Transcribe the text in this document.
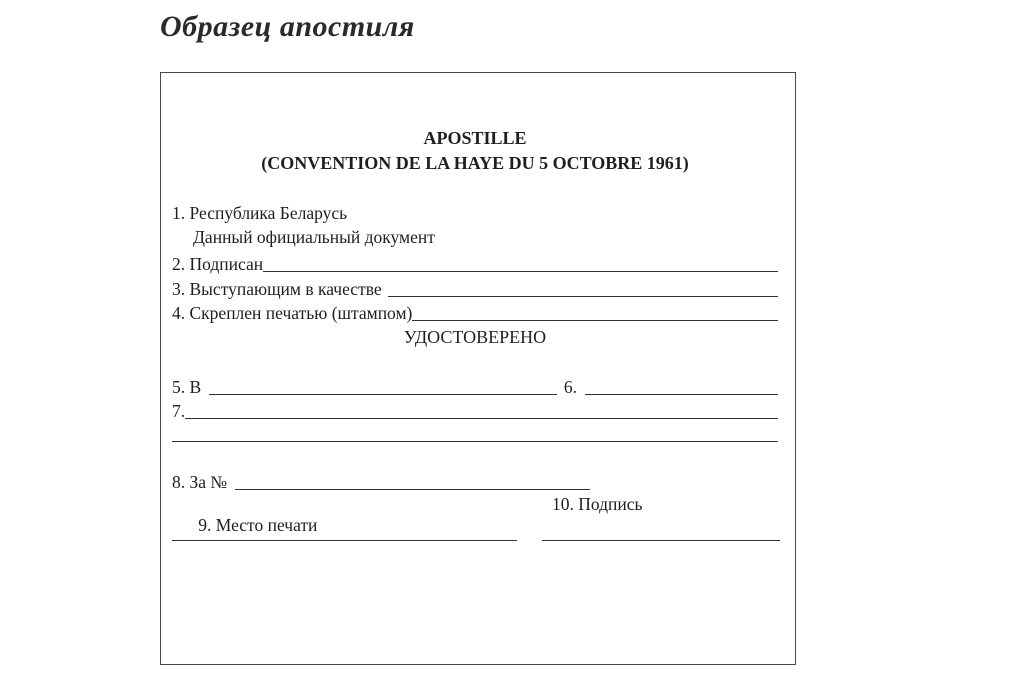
Образец апостиля
APOSTILLE
(CONVENTION DE LA HAYE DU 5 OCTOBRE 1961)
1. Республика Беларусь
Данный официальный документ
2. Подписан
3. Выступающим в качестве
4. Скреплен печатью (штампом)
УДОСТОВЕРЕНО
5. В	6.
7.
8. За №

9. Место печати

10. Подпись
